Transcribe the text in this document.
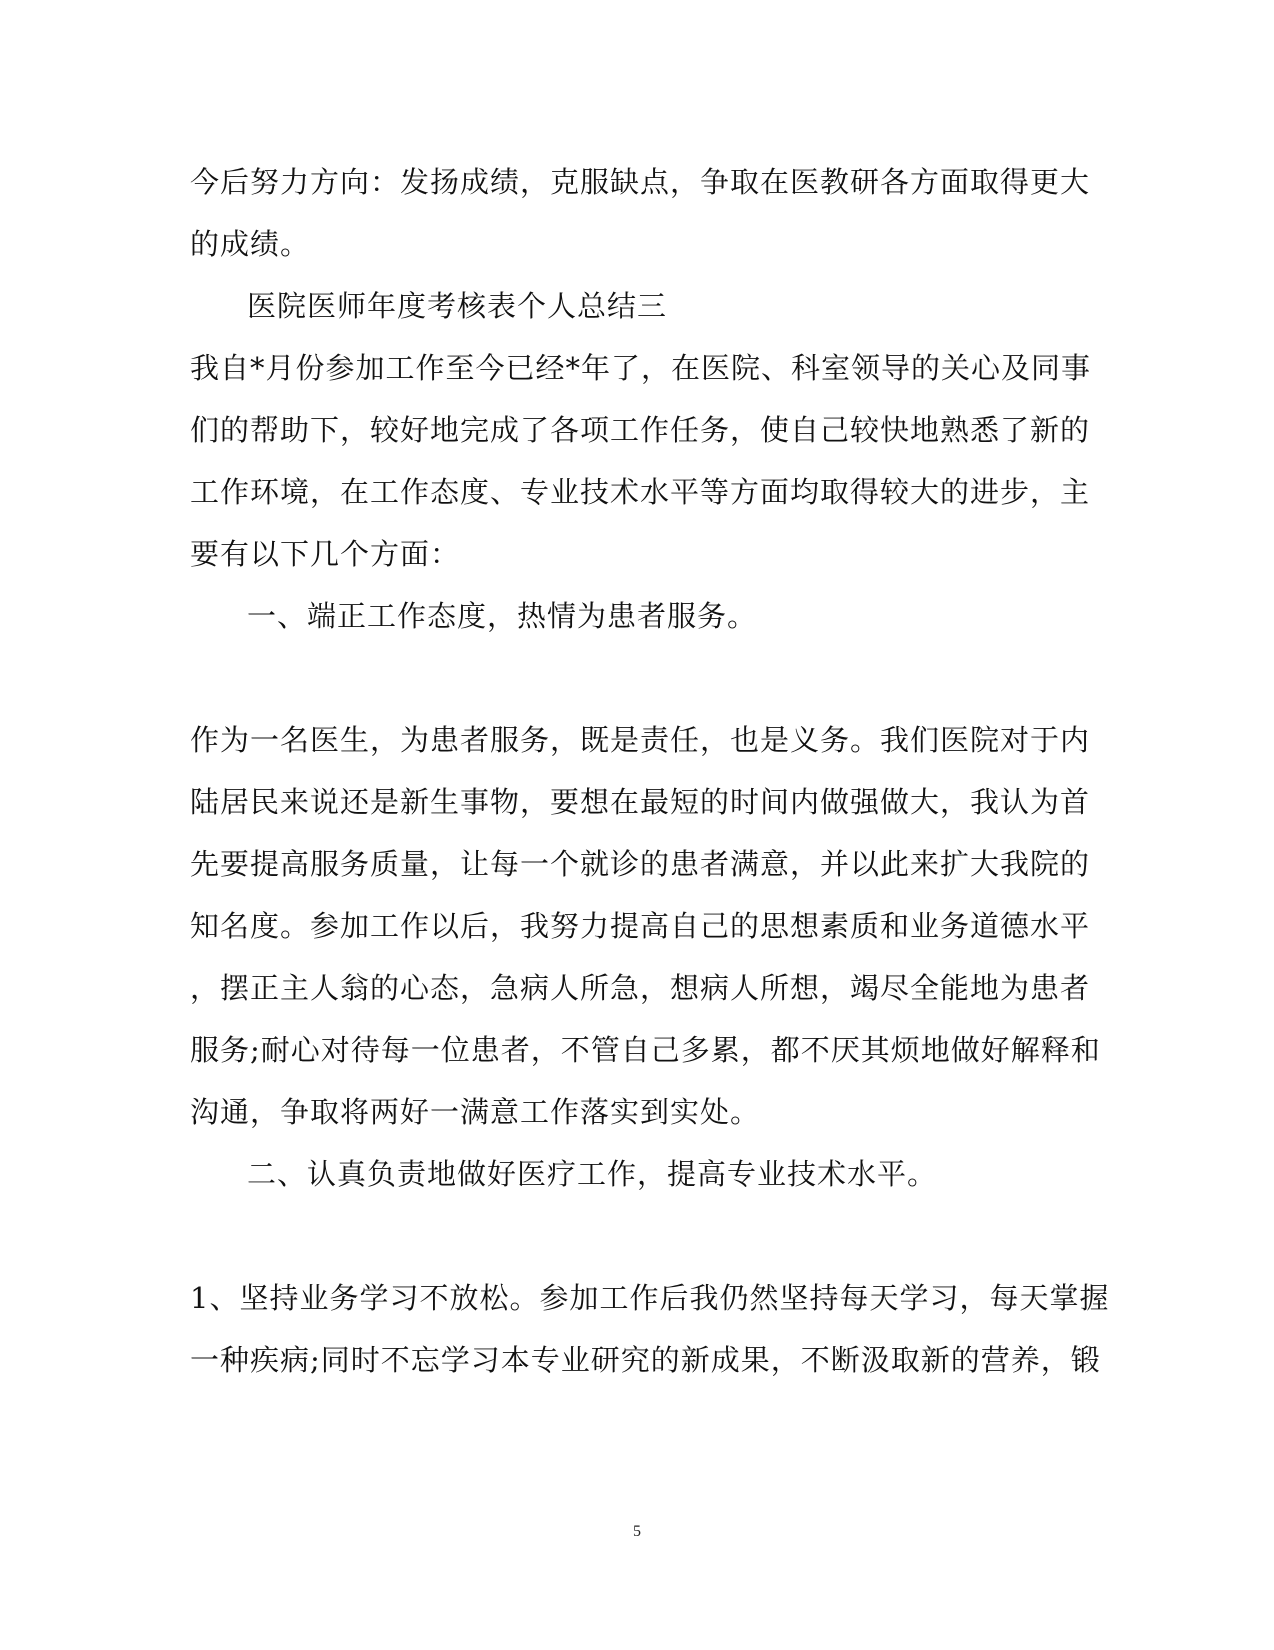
今后努力方向：发扬成绩，克服缺点，争取在医教研各方面取得更大
的成绩。
医院医师年度考核表个人总结三
我自*月份参加工作至今已经*年了，在医院、科室领导的关心及同事
们的帮助下，较好地完成了各项工作任务，使自己较快地熟悉了新的
工作环境，在工作态度、专业技术水平等方面均取得较大的进步，主
要有以下几个方面：
一、端正工作态度，热情为患者服务。
作为一名医生，为患者服务，既是责任，也是义务。我们医院对于内
陆居民来说还是新生事物，要想在最短的时间内做强做大，我认为首
先要提高服务质量，让每一个就诊的患者满意，并以此来扩大我院的
知名度。参加工作以后，我努力提高自己的思想素质和业务道德水平
，摆正主人翁的心态，急病人所急，想病人所想，竭尽全能地为患者
服务;耐心对待每一位患者，不管自己多累，都不厌其烦地做好解释和
沟通，争取将两好一满意工作落实到实处。
二、认真负责地做好医疗工作，提高专业技术水平。
1、坚持业务学习不放松。参加工作后我仍然坚持每天学习，每天掌握
一种疾病;同时不忘学习本专业研究的新成果，不断汲取新的营养，锻
5
